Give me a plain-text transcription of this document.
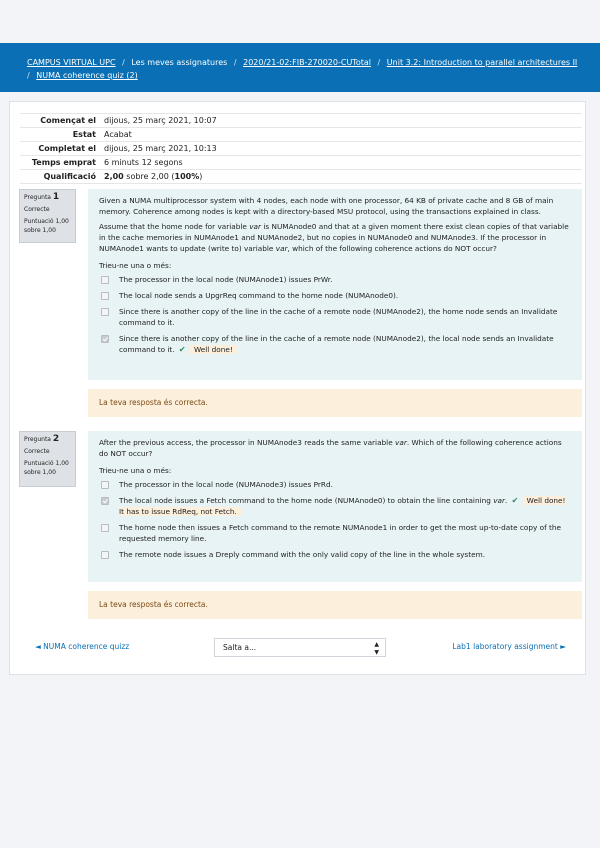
CAMPUS VIRTUAL UPC / Les meves assignatures / 2020/21-02:FIB-270020-CUTotal / Unit 3.2: Introduction to parallel architectures II
/ NUMA coherence quiz (2)
Començat el	dijous, 25 març 2021, 10:07
Estat	Acabat
Completat el	dijous, 25 març 2021, 10:13
Temps emprat	6 minuts 12 segons
Qualificació	2,00 sobre 2,00 (100%)
Pregunta 1
Correcte
Puntuació 1,00 sobre 1,00

Given a NUMA multiprocessor system with 4 nodes, each node with one processor, 64 KB of private cache and 8 GB of main memory. Coherence among nodes is kept with a directory-based MSU protocol, using the transactions explained in class.

Assume that the home node for variable var is NUMAnode0 and that at a given moment there exist clean copies of that variable in the cache memories in NUMAnode1 and NUMAnode2, but no copies in NUMAnode0 and NUMAnode3. If the processor in NUMAnode1 wants to update (write to) variable var, which of the following coherence actions do NOT occur?

Trieu-ne una o més:

The processor in the local node (NUMAnode1) issues PrWr.
The local node sends a UpgrReq command to the home node (NUMAnode0).
Since there is another copy of the line in the cache of a remote node (NUMAnode2), the home node sends an Invalidate command to it.
Since there is another copy of the line in the cache of a remote node (NUMAnode2), the local node sends an Invalidate command to it. ✔ Well done!
La teva resposta és correcta.
Pregunta 2
Correcte
Puntuació 1,00 sobre 1,00

After the previous access, the processor in NUMAnode3 reads the same variable var. Which of the following coherence actions do NOT occur?

Trieu-ne una o més:

The processor in the local node (NUMAnode3) issues PrRd.
The local node issues a Fetch command to the home node (NUMAnode0) to obtain the line containing var. ✔ Well done! It has to issue RdReq, not Fetch.
The home node then issues a Fetch command to the remote NUMAnode1 in order to get the most up-to-date copy of the requested memory line.
The remote node issues a Dreply command with the only valid copy of the line in the whole system.
La teva resposta és correcta.
◄ NUMA coherence quizz	Salta a...	▲
▼
Lab1 laboratory assignment ►
